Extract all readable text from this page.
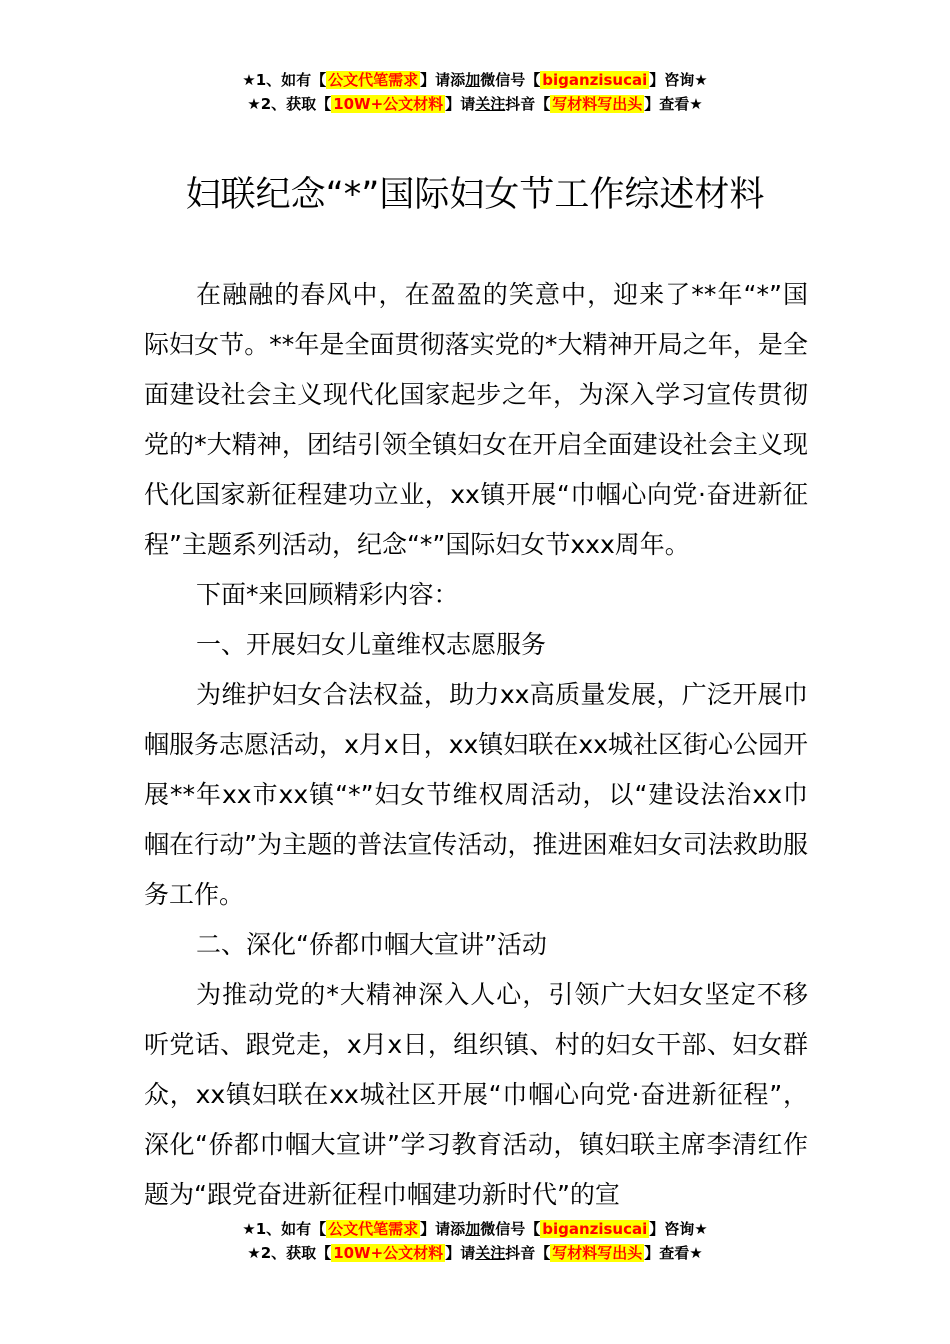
★1、如有【 公文代笔需求 】请添加微信号【 biganzisucai 】咨询★
★2、获取【 10W+公文材料 】请关注抖音【 写材料写出头 】查看★
妇联纪念“*”国际妇女节工作综述材料

在融融的春风中，在盈盈的笑意中，迎来了**年“*”国际妇女节。**年是全面贯彻落实党的*大精神开局之年，是全面建设社会主义现代化国家起步之年，为深入学习宣传贯彻党的*大精神，团结引领全镇妇女在开启全面建设社会主义现代化国家新征程建功立业，xx镇开展“巾帼心向党·奋进新征程”主题系列活动，纪念“*”国际妇女节xxx周年。

下面*来回顾精彩内容：

一、开展妇女儿童维权志愿服务

为维护妇女合法权益，助力xx高质量发展，广泛开展巾帼服务志愿活动，x月x日，xx镇妇联在xx城社区街心公园开展**年xx市xx镇“*”妇女节维权周活动，以“建设法治xx巾帼在行动”为主题的普法宣传活动，推进困难妇女司法救助服务工作。

二、深化“侨都巾帼大宣讲”活动

为推动党的*大精神深入人心，引领广大妇女坚定不移听党话、跟党走，x月x日，组织镇、村的妇女干部、妇女群众，xx镇妇联在xx城社区开展“巾帼心向党·奋进新征程”，深化“侨都巾帼大宣讲”学习教育活动，镇妇联主席李清红作题为“跟党奋进新征程巾帼建功新时代”的宣

★1、如有【 公文代笔需求 】请添加微信号【 biganzisucai 】咨询★
★2、获取【 10W+公文材料 】请关注抖音【 写材料写出头 】查看★
